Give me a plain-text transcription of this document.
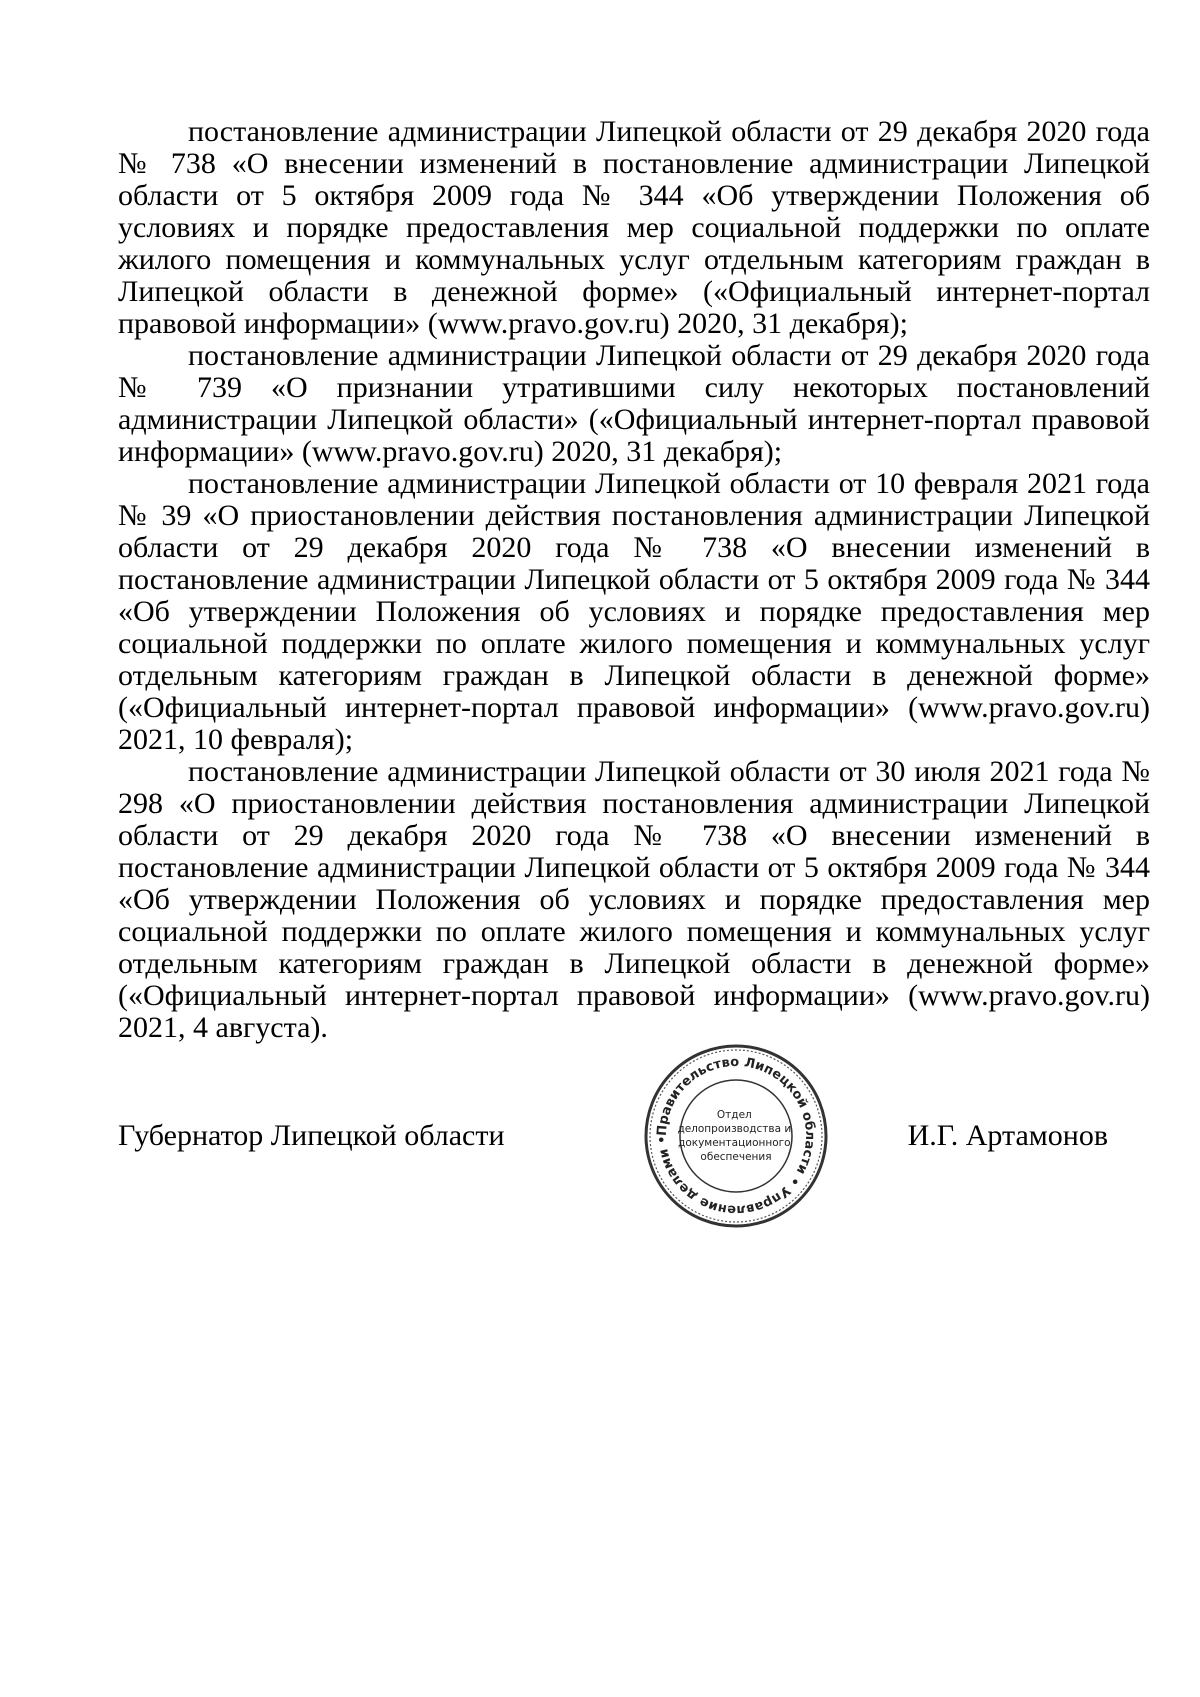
постановление администрации Липецкой области от 29 декабря 2020 года № 738 «О внесении изменений в постановление администрации Липецкой области от 5 октября 2009 года № 344 «Об утверждении Положения об условиях и порядке предоставления мер социальной поддержки по оплате жилого помещения и коммунальных услуг отдельным категориям граждан в Липецкой области в денежной форме» («Официальный интернет-портал правовой информации» (www.pravo.gov.ru) 2020, 31 декабря);

постановление администрации Липецкой области от 29 декабря 2020 года № 739 «О признании утратившими силу некоторых постановлений администрации Липецкой области» («Официальный интернет-портал правовой информации» (www.pravo.gov.ru) 2020, 31 декабря);

постановление администрации Липецкой области от 10 февраля 2021 года № 39 «О приостановлении действия постановления администрации Липецкой области от 29 декабря 2020 года № 738 «О внесении изменений в постановление администрации Липецкой области от 5 октября 2009 года № 344 «Об утверждении Положения об условиях и порядке предоставления мер социальной поддержки по оплате жилого помещения и коммунальных услуг отдельным категориям граждан в Липецкой области в денежной форме» («Официальный интернет-портал правовой информации» (www.pravo.gov.ru) 2021, 10 февраля);

постановление администрации Липецкой области от 30 июля 2021 года № 298 «О приостановлении действия постановления администрации Липецкой области от 29 декабря 2020 года № 738 «О внесении изменений в постановление администрации Липецкой области от 5 октября 2009 года № 344 «Об утверждении Положения об условиях и порядке предоставления мер социальной поддержки по оплате жилого помещения и коммунальных услуг отдельным категориям граждан в Липецкой области в денежной форме» («Официальный интернет-портал правовой информации» (www.pravo.gov.ru) 2021, 4 августа).

Губернатор Липецкой области	И.Г. Артамонов
Правительство Липецкой области • Управление делами •
Отдел делопроизводства и документационного обеспечения
